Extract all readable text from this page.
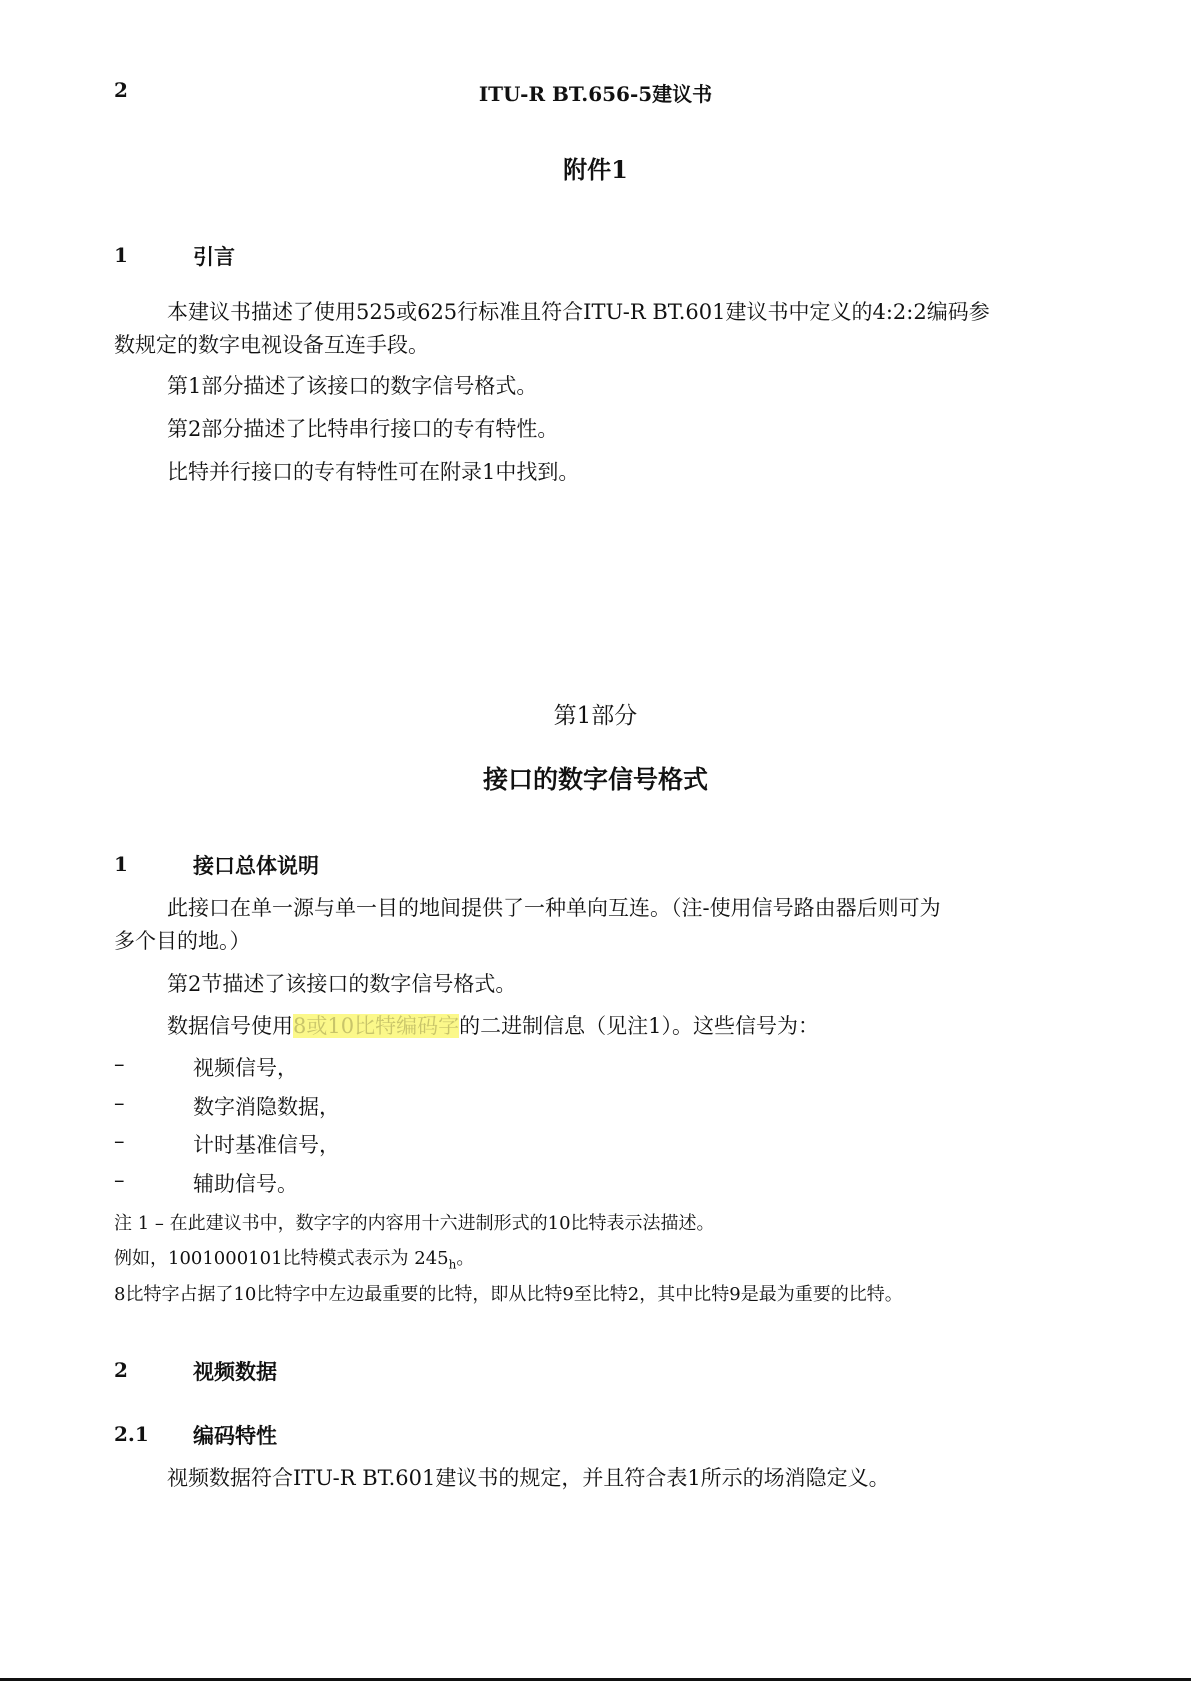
2	ITU-R BT.656-5建议书
附件1
1	引言
本建议书描述了使用525或625行标准且符合ITU-R BT.601建议书中定义的4:2:2编码参
数规定的数字电视设备互连手段。
第1部分描述了该接口的数字信号格式。
第2部分描述了比特串行接口的专有特性。
比特并行接口的专有特性可在附录1中找到。
第1部分
接口的数字信号格式
1	接口总体说明
此接口在单一源与单一目的地间提供了一种单向互连。（注-使用信号路由器后则可为
多个目的地。）
第2节描述了该接口的数字信号格式。
数据信号使用8或10比特编码字的二进制信息（见注1）。这些信号为：
–	视频信号，
–	数字消隐数据，
–	计时基准信号，
–	辅助信号。
注 1 – 在此建议书中，数字字的内容用十六进制形式的10比特表示法描述。
例如，1001000101比特模式表示为 $245_h$。
8比特字占据了10比特字中左边最重要的比特，即从比特9至比特2，其中比特9是最为重要的比特。
2	视频数据
2.1 编码特性
视频数据符合ITU-R BT.601建议书的规定，并且符合表1所示的场消隐定义。
